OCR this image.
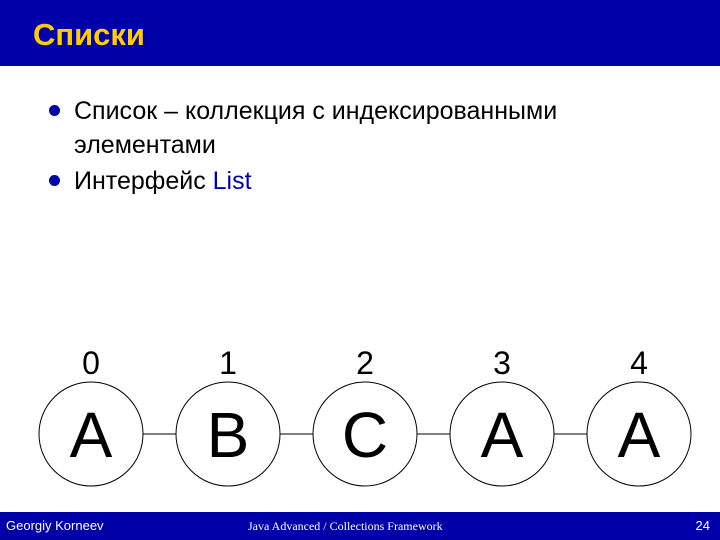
Списки
Список – коллекция с индексированными элементами
Интерфейс List
A
0
B
1
C
2
A
3
A
4
Georgiy Korneev	Java Advanced / Collections Framework	24
